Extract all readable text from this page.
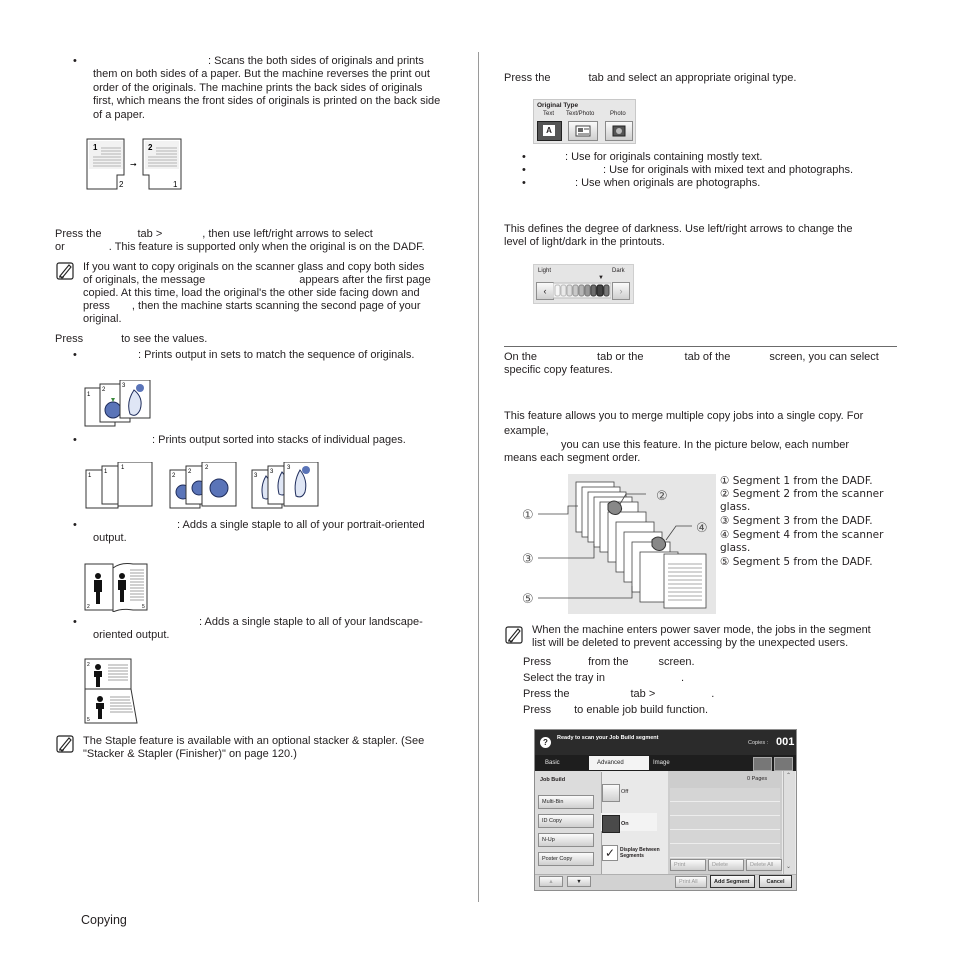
•	: Scans the both sides of originals and prints them on both sides of a paper. But the machine reverses the print out order of the originals. The machine prints the back sides of originals first, which means the front sides of originals is printed on the back side of a paper.
1
2
➞
2
1
Press the	tab >	, then use left/right arrows to select
or	. This feature is supported only when the original is on the DADF.
If you want to copy originals on the scanner glass and copy both sides
of originals, the message	appears after the first page
copied. At this time, load the original's the other side facing down and
press , then the machine starts scanning the second page of your
original.
Press	to see the values.
•	: Prints output in sets to match the sequence of originals.
1
2
3
•	: Prints output sorted into stacks of individual pages.
1
1
1
2
2
2
3
3
3
•	: Adds a single staple to all of your portrait-oriented
output.
2	5
•	: Adds a single staple to all of your landscape-
oriented output.
2
5
The Staple feature is available with an optional stacker & stapler. (See
"Stacker & Stapler (Finisher)" on page 120.)
Copying
Press the	tab and select an appropriate original type.
Original Type
Text Text/Photo	Photo
A
•	: Use for originals containing mostly text.
•	: Use for originals with mixed text and photographs.
•	: Use when originals are photographs.
This defines the degree of darkness. Use left/right arrows to change the
level of light/dark in the printouts.
Light	Dark
▼
‹	›
On the	tab or the	tab of the	screen, you can select
specific copy features.
This feature allows you to merge multiple copy jobs into a single copy. For
example,
you can use this feature. In the picture below, each number
means each segment order.
①
②
③
④
⑤
① Segment 1 from the DADF.
② Segment 2 from the scanner glass.
③ Segment 3 from the DADF.
④ Segment 4 from the scanner glass.
⑤ Segment 5 from the DADF.
When the machine enters power saver mode, the jobs in the segment
list will be deleted to prevent accessing by the unexpected users.
Press	from the	screen.
Select the tray in	.
Press the	tab >	.
Press to enable job build function.
?	Ready to scan your Job Build segment
Copies : 001
Basic	Advanced	Image
Job Build
Multi-Bin
ID Copy
N-Up
Poster Copy
Off
On
✓ Display Between Segments
0 Pages
Print	Delete	Delete All
⌃
⌄
▲	▼	Print All	Add Segment	Cancel
